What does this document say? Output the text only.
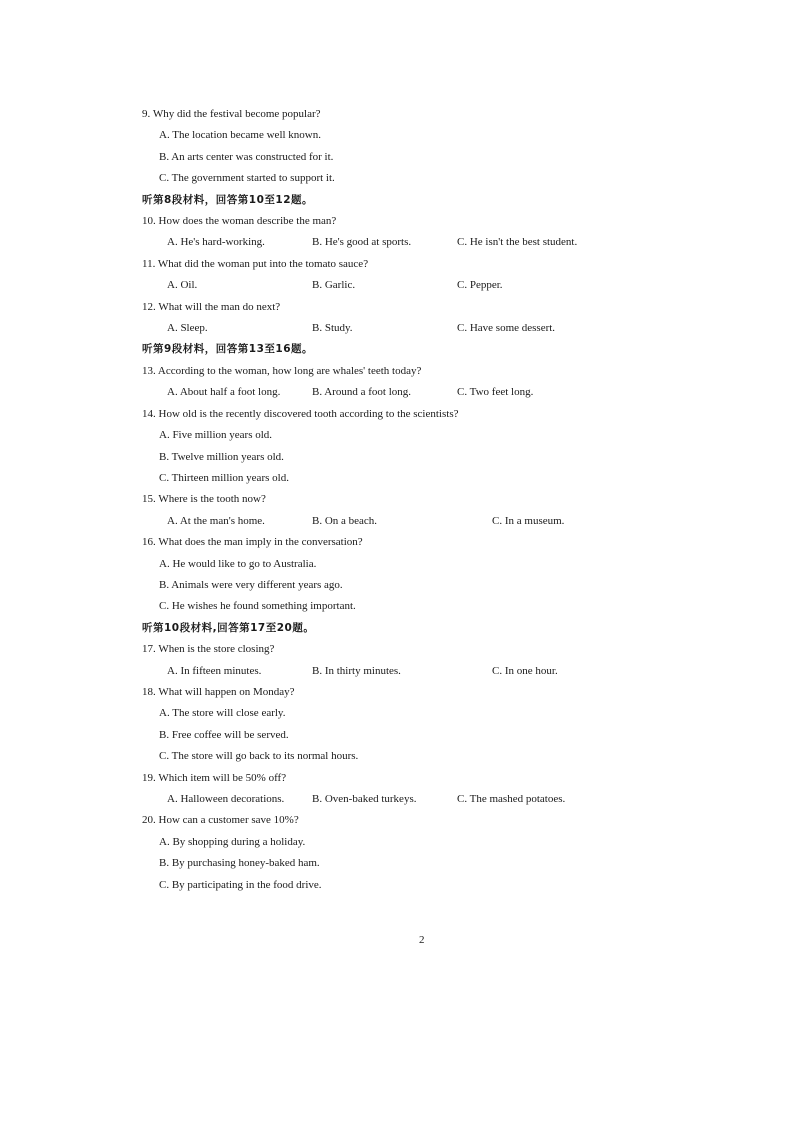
9. Why did the festival become popular?
A. The location became well known.
B. An arts center was constructed for it.
C. The government started to support it.
听第8段材料，回答第10至12题。
10. How does the woman describe the man?
A. He's hard-working.	B. He's good at sports.	C. He isn't the best student.
11. What did the woman put into the tomato sauce?
A. Oil.	B. Garlic.	C. Pepper.
12. What will the man do next?
A. Sleep.	B. Study.	C. Have some dessert.
听第9段材料，回答第13至16题。
13. According to the woman, how long are whales' teeth today?
A. About half a foot long.	B. Around a foot long.	C. Two feet long.
14. How old is the recently discovered tooth according to the scientists?
A. Five million years old.
B. Twelve million years old.
C. Thirteen million years old.
15. Where is the tooth now?
A. At the man's home.	B. On a beach.	C. In a museum.
16. What does the man imply in the conversation?
A. He would like to go to Australia.
B. Animals were very different years ago.
C. He wishes he found something important.
听第10段材料,回答第17至20题。
17. When is the store closing?
A. In fifteen minutes.	B. In thirty minutes.	C. In one hour.
18. What will happen on Monday?
A. The store will close early.
B. Free coffee will be served.
C. The store will go back to its normal hours.
19. Which item will be 50% off?
A. Halloween decorations.	B. Oven-baked turkeys.	C. The mashed potatoes.
20. How can a customer save 10%?
A. By shopping during a holiday.
B. By purchasing honey-baked ham.
C. By participating in the food drive.
2
